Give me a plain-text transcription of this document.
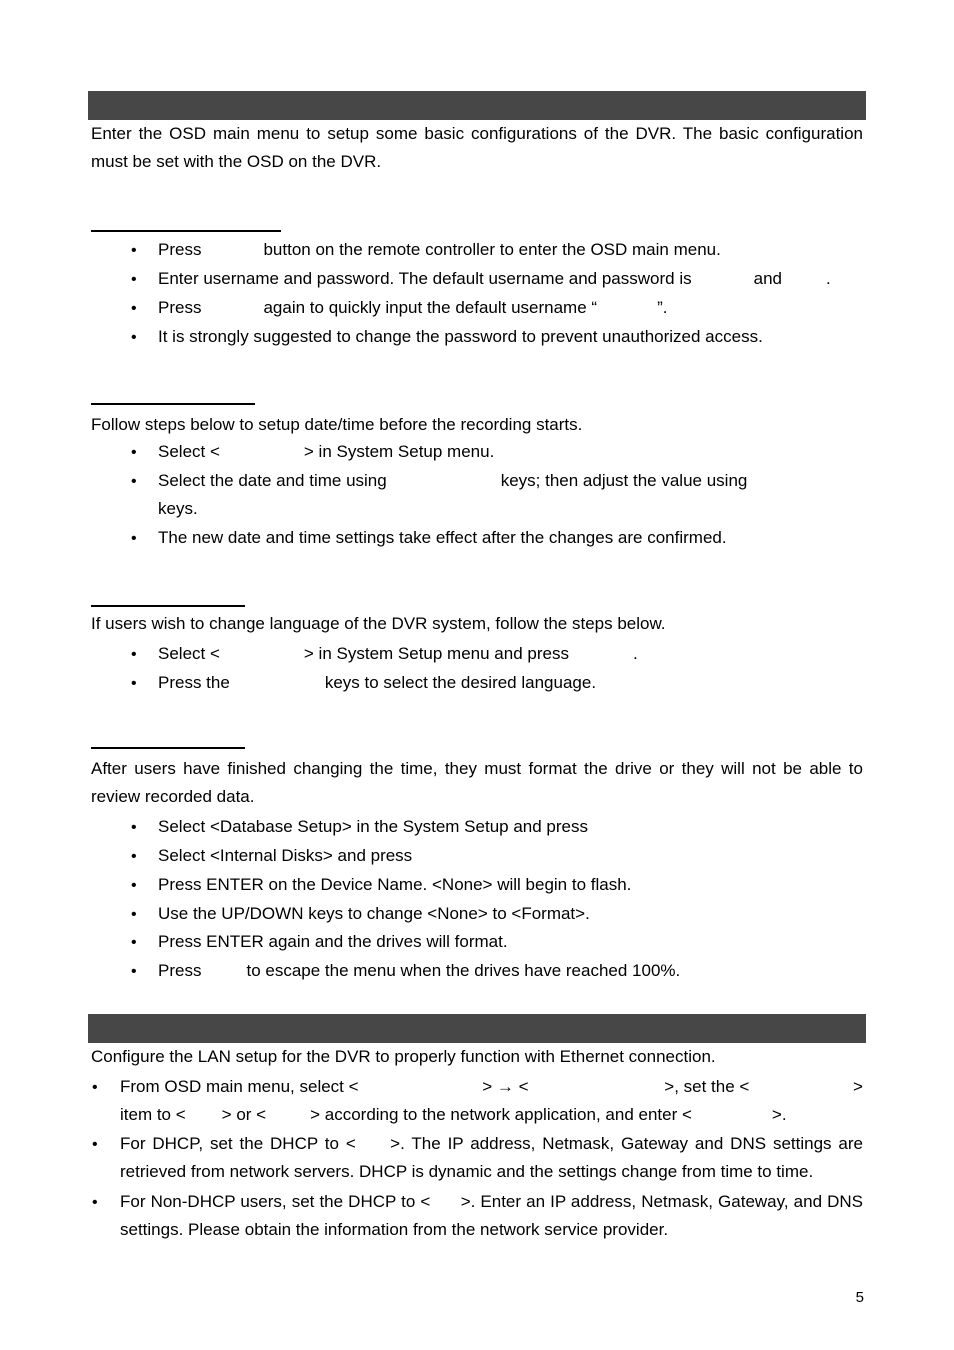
Enter the OSD main menu to setup some basic configurations of the DVR. The basic configuration must be set with the OSD on the DVR.
• Press	button on the remote controller to enter the OSD main menu.
• Enter username and password. The default username and password is	and	.
• Press	again to quickly input the default username “	”.
• It is strongly suggested to change the password to prevent unauthorized access.
Follow steps below to setup date/time before the recording starts.
• Select <	> in System Setup menu.
• Select the date and time using	keys; then adjust the value using
keys.
• The new date and time settings take effect after the changes are confirmed.
If users wish to change language of the DVR system, follow the steps below.
• Select <	> in System Setup menu and press	.
• Press the	keys to select the desired language.
After users have finished changing the time, they must format the drive or they will not be able to review recorded data.
• Select <Database Setup> in the System Setup and press
• Select <Internal Disks> and press
• Press ENTER on the Device Name. <None> will begin to flash.
• Use the UP/DOWN keys to change <None> to <Format>.
• Press ENTER again and the drives will format.
• Press	to escape the menu when the drives have reached 100%.
Configure the LAN setup for the DVR to properly function with Ethernet connection.
• From OSD main menu, select <	> → <	>, set the <	>
item to < > or <	> according to the network application, and enter <	>.
• For DHCP, set the DHCP to <     >. The IP address, Netmask, Gateway and DNS settings are retrieved from network servers. DHCP is dynamic and the settings change from time to time.
• For Non-DHCP users, set the DHCP to <      >. Enter an IP address, Netmask, Gateway, and DNS settings. Please obtain the information from the network service provider.
5
